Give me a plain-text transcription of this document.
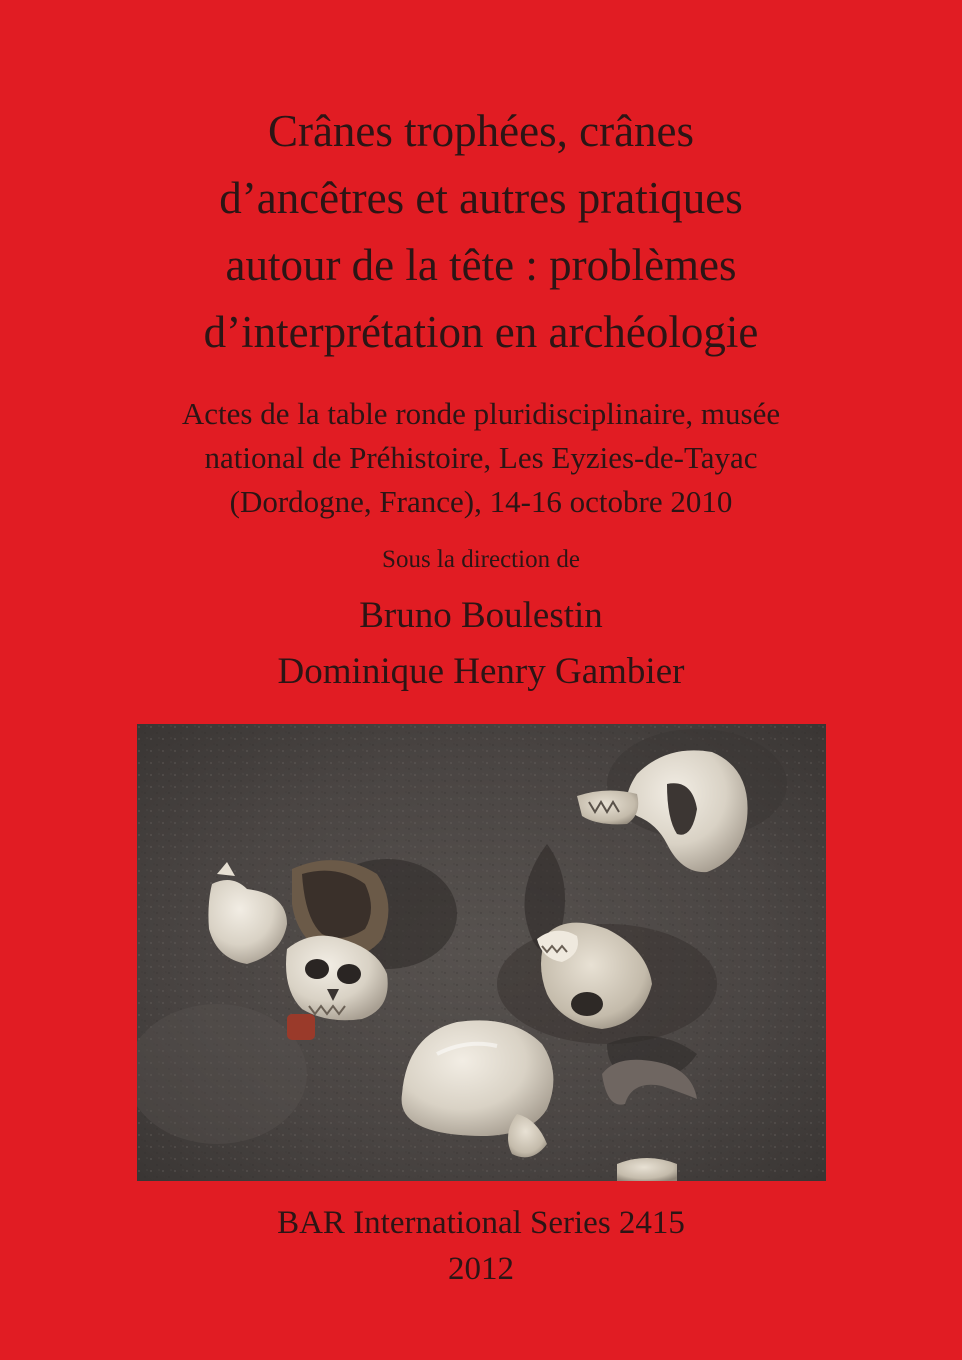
Crânes trophées, crânes
d’ancêtres et autres pratiques
autour de la tête : problèmes
d’interprétation en archéologie
Actes de la table ronde pluridisciplinaire, musée
national de Préhistoire, Les Eyzies-de-Tayac
(Dordogne, France), 14-16 octobre 2010
Sous la direction de
Bruno Boulestin
Dominique Henry Gambier
BAR International Series 2415
2012
